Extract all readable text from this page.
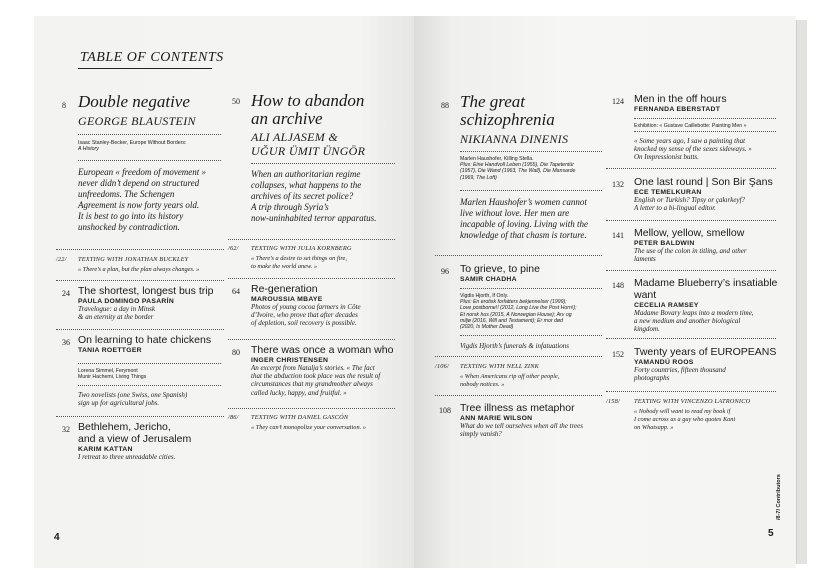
TABLE OF CONTENTS
8 Double negative
GEORGE BLAUSTEIN
Isaac Stanley-Becker, Europe Without Borders:
A History
European « freedom of movement »
never didn’t depend on structured
unfreedoms. The Schengen
Agreement is now forty years old.
It is best to go into its history
unshocked by contradiction.
50 How to abandon
an archive
ALI ALJASEM &
UĞUR ÜMIT ÜNGÖR
When an authoritarian regime
collapses, what happens to the
archives of its secret police?
A trip through Syria’s
now-uninhabited terror apparatus.
/22/ TEXTING WITH JONATHAN BUCKLEY
« There’s a plan, but the plan always changes. »
/62/ TEXTING WITH JULIA KORNBERG
« There’s a desire to set things on fire,
to make the world anew. »
24 The shortest, longest bus trip
PAULA DOMINGO PASARÍN
Travelogue: a day in Minsk
& an eternity at the border
36 On learning to hate chickens
TANIA ROETTGER
Lorena Simmel, Ferymont
Munir Hachemi, Living Things
Two novelists (one Swiss, one Spanish)
sign up for agricultural jobs.
32 Bethlehem, Jericho,
and a view of Jerusalem
KARIM KATTAN
I retreat to three unreadable cities.
64 Re-generation
MAROUSSIA MBAYE
Photos of young cocoa farmers in Côte
d’Ivoire, who prove that after decades
of depletion, soil recovery is possible.
80 There was once a woman who
INGER CHRISTENSEN
An excerpt from Natalja’s stories. « The fact
that the abduction took place was the result of
circumstances that my grandmother always
called lucky, happy, and fruitful. »
/86/ TEXTING WITH DANIEL GASCÓN
« They can’t monopolize your conversation. »
4
88 The great
schizophrenia
NIKIANNA DINENIS
Marlen Haushofer, Killing Stella.
Plus: Eine Handvoll Leben (1955), Die Tapetentür
(1957), Die Wand (1963, The Wall), Die Mansarde
(1969, The Loft)
Marlen Haushofer’s women cannot
live without love. Her men are
incapable of loving. Living with the
knowledge of that chasm is torture.
96 To grieve, to pine
SAMIR CHADHA
Vigdis Hjorth, If Only.
Plus: En erotisk forfatters bekjennelser (1999);
Love postborne!! (2012, Long Live the Post Horn!);
Et norsk hus (2015, A Norwegian House); Arv og
miljø (2016, Will and Testament); Er mor død
(2020, Is Mother Dead)
Vigdis Hjorth’s funerals & infatuations
/106/ TEXTING WITH NELL ZINK
« When Americans rip off other people,
nobody notices. »
108 Tree illness as metaphor
ANN MARIE WILSON
What do we tell ourselves when all the trees
simply vanish?
124 Men in the off hours
FERNANDA EBERSTADT
Exhibition: « Gustave Caillebotte: Painting Men »
« Some years ago, I saw a painting that
knocked my sense of the sexes sideways. »
On Impressionist butts.
132 One last round | Son Bir Şans
ECE TEMELKURAN
English or Turkish? Tipsy or çakırkeyf?
A letter to a bi-lingual editor.
141 Mellow, yellow, smellow
PETER BALDWIN
The use of the colon in titling, and other
laments
148 Madame Blueberry’s insatiable
want
CECELIA RAMSEY
Madame Bovary leaps into a modern time,
a new medium and another biological
kingdom.
152 Twenty years of EUROPEANS
YAMANDÚ ROOS
Forty countries, fifteen thousand
photographs
/158/ TEXTING WITH VINCENZO LATRONICO
« Nobody will want to read my book if
I come across as a guy who quotes Kant
on Whatsapp. »
/8-7/ Contributors
5
